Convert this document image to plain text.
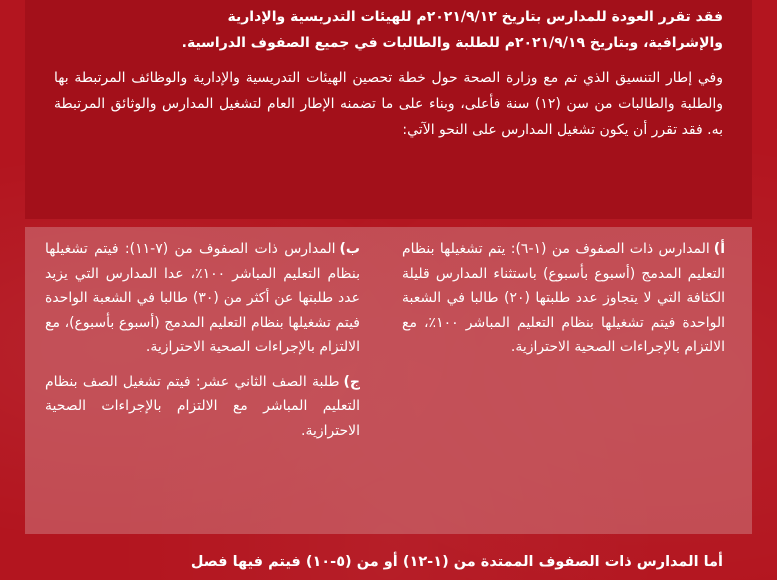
فقد تقرر العودة للمدارس بتاريخ ٢٠٢١/٩/١٢م للهيئات التدريسية والإدارية

والإشرافية، وبتاريخ ٢٠٢١/٩/١٩م للطلبة والطالبات في جميع الصفوف الدراسية.

وفي إطار التنسيق الذي تم مع وزارة الصحة حول خطة تحصين الهيئات التدريسية والإدارية والوظائف المرتبطة بها والطلبة والطالبات من سن (١٢) سنة فأعلى، وبناء على ما تضمنه الإطار العام لتشغيل المدارس والوثائق المرتبطة به. فقد تقرر أن يكون تشغيل المدارس على النحو الآتي:

أ)المدارس ذات الصفوف من (١-٦): يتم تشغيلها بنظام التعليم المدمج (أسبوع بأسبوع) باستثناء المدارس قليلة الكثافة التي لا يتجاوز عدد طلبتها (٢٠) طالبا في الشعبة الواحدة فيتم تشغيلها بنظام التعليم المباشر ١٠٠٪، مع الالتزام بالإجراءات الصحية الاحترازية.

ب)المدارس ذات الصفوف من (٧-١١): فيتم تشغيلها بنظام التعليم المباشر ١٠٠٪، عدا المدارس التي يزيد عدد طلبتها عن أكثر من (٣٠) طالبا في الشعبة الواحدة فيتم تشغيلها بنظام التعليم المدمج (أسبوع بأسبوع)، مع الالتزام بالإجراءات الصحية الاحترازية.

ج)طلبة الصف الثاني عشر: فيتم تشغيل الصف بنظام التعليم المباشر مع الالتزام بالإجراءات الصحية الاحترازية.

أما المدارس ذات الصفوف الممتدة من (١-١٢) أو من (٥-١٠) فيتم فيها فصل
